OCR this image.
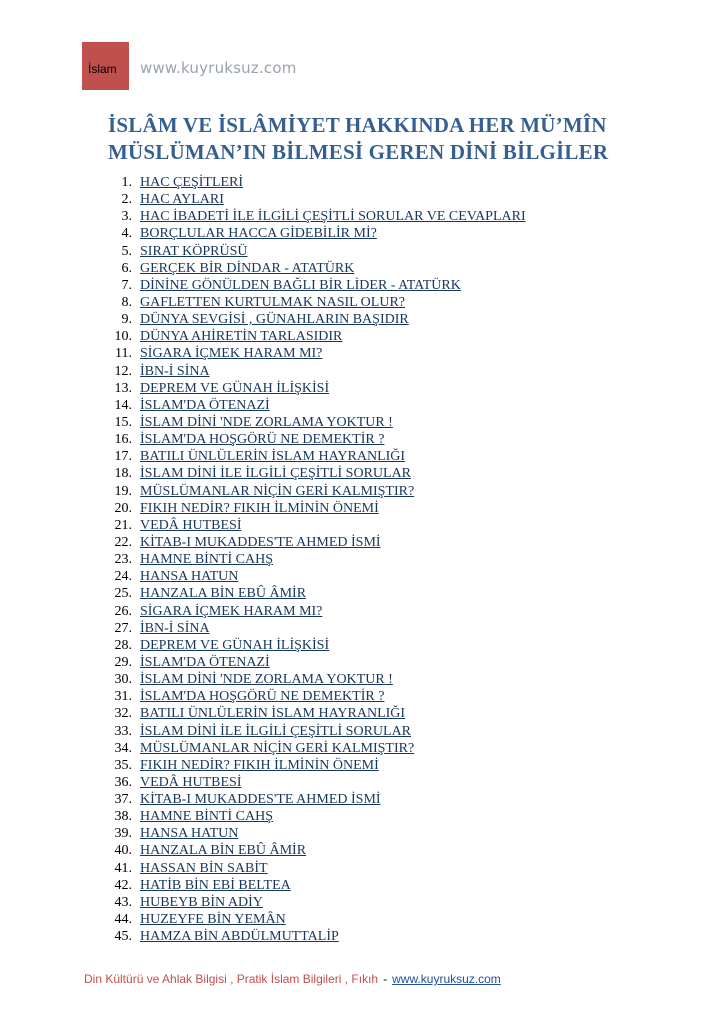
İslam	www.kuyruksuz.com
İSLÂM VE İSLÂMİYET HAKKINDA HER MÜ’MÎN
MÜSLÜMAN’IN BİLMESİ GEREN DİNİ BİLGİLER
1. HAC ÇEŞİTLERİ
2. HAC AYLARI
3. HAC İBADETİ İLE İLGİLİ ÇEŞİTLİ SORULAR VE CEVAPLARI
4. BORÇLULAR HACCA GİDEBİLİR Mİ?
5. SIRAT KÖPRÜSÜ
6. GERÇEK BİR DİNDAR - ATATÜRK
7. DİNİNE GÖNÜLDEN BAĞLI BİR LİDER - ATATÜRK
8. GAFLETTEN KURTULMAK NASIL OLUR?
9. DÜNYA SEVGİSİ , GÜNAHLARIN BAŞIDIR
10. DÜNYA AHİRETİN TARLASIDIR
11. SİGARA İÇMEK HARAM MI?
12. İBN-İ SİNA
13. DEPREM VE GÜNAH İLİŞKİSİ
14. İSLAM'DA ÖTENAZİ
15. İSLAM DİNİ 'NDE ZORLAMA YOKTUR !
16. İSLAM'DA HOŞGÖRÜ NE DEMEKTİR ?
17. BATILI ÜNLÜLERİN İSLAM HAYRANLIĞI
18. İSLAM DİNİ İLE İLGİLİ ÇEŞİTLİ SORULAR
19. MÜSLÜMANLAR NİÇİN GERİ KALMIŞTIR?
20. FIKIH NEDİR? FIKIH İLMİNİN ÖNEMİ
21. VEDÂ HUTBESİ
22. KİTAB-I MUKADDES'TE AHMED İSMİ
23. HAMNE BİNTİ CAHŞ
24. HANSA HATUN
25. HANZALA BİN EBÛ ÂMİR
26. SİGARA İÇMEK HARAM MI?
27. İBN-İ SİNA
28. DEPREM VE GÜNAH İLİŞKİSİ
29. İSLAM'DA ÖTENAZİ
30. İSLAM DİNİ 'NDE ZORLAMA YOKTUR !
31. İSLAM'DA HOŞGÖRÜ NE DEMEKTİR ?
32. BATILI ÜNLÜLERİN İSLAM HAYRANLIĞI
33. İSLAM DİNİ İLE İLGİLİ ÇEŞİTLİ SORULAR
34. MÜSLÜMANLAR NİÇİN GERİ KALMIŞTIR?
35. FIKIH NEDİR? FIKIH İLMİNİN ÖNEMİ
36. VEDÂ HUTBESİ
37. KİTAB-I MUKADDES'TE AHMED İSMİ
38. HAMNE BİNTİ CAHŞ
39. HANSA HATUN
40. HANZALA BİN EBÛ ÂMİR
41. HASSAN BİN SABİT
42. HATİB BİN EBİ BELTEA
43. HUBEYB BİN ADİY
44. HUZEYFE BİN YEMÂN
45. HAMZA BİN ABDÜLMUTTALİP
Din Kültürü ve Ahlak Bilgisi , Pratik İslam Bilgileri , Fıkıh - www.kuyruksuz.com
